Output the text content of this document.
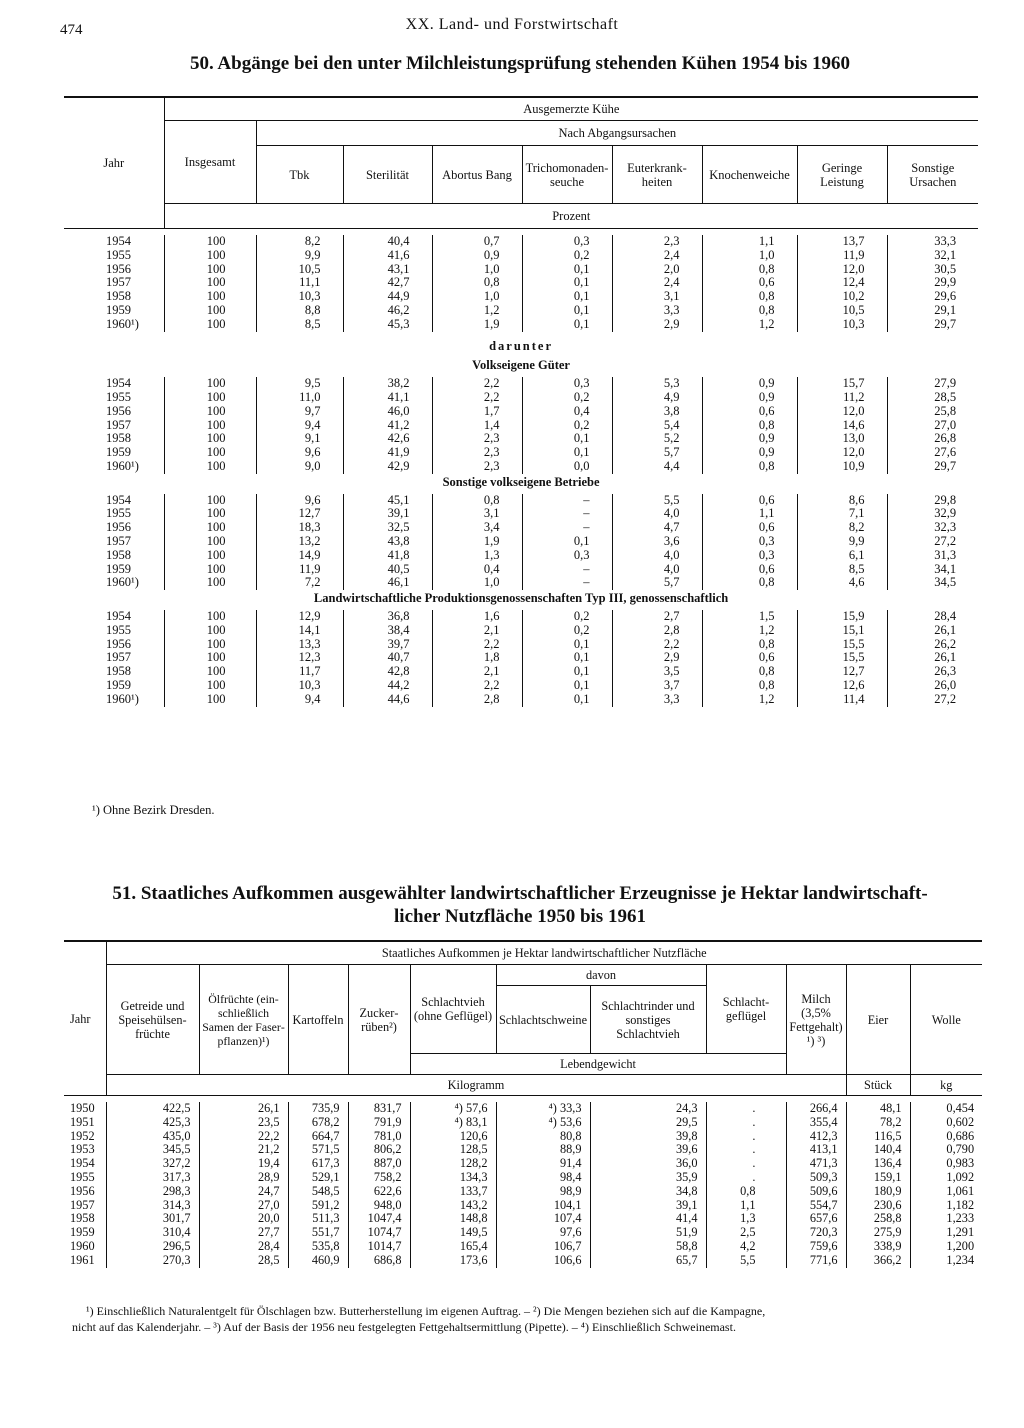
474	XX. Land- und Forstwirtschaft
50. Abgänge bei den unter Milchleistungsprüfung stehenden Kühen 1954 bis 1960
Jahr	Ausgemerzte Kühe								
	Insgesamt	Nach Abgangsursachen							
		Tbk	Sterilität	Abortus Bang	Trichomonadenseuche	Euterkrankheiten	Knochenweiche	Geringe Leistung	Sonstige Ursachen
	Prozent								

1954	100	8,2	40,4	0,7	0,3	2,3	1,1	13,7	33,3
1955	100	9,9	41,6	0,9	0,2	2,4	1,0	11,9	32,1
1956	100	10,5	43,1	1,0	0,1	2,0	0,8	12,0	30,5
1957	100	11,1	42,7	0,8	0,1	2,4	0,6	12,4	29,9
1958	100	10,3	44,9	1,0	0,1	3,1	0,8	10,2	29,6
1959	100	8,8	46,2	1,2	0,1	3,3	0,8	10,5	29,1
1960¹)	100	8,5	45,3	1,9	0,1	2,9	1,2	10,3	29,7
darunter									
Volkseigene Güter									
1954	100	9,5	38,2	2,2	0,3	5,3	0,9	15,7	27,9
1955	100	11,0	41,1	2,2	0,2	4,9	0,9	11,2	28,5
1956	100	9,7	46,0	1,7	0,4	3,8	0,6	12,0	25,8
1957	100	9,4	41,2	1,4	0,2	5,4	0,8	14,6	27,0
1958	100	9,1	42,6	2,3	0,1	5,2	0,9	13,0	26,8
1959	100	9,6	41,9	2,3	0,1	5,7	0,9	12,0	27,6
1960¹)	100	9,0	42,9	2,3	0,0	4,4	0,8	10,9	29,7
Sonstige volkseigene Betriebe									
1954	100	9,6	45,1	0,8	–	5,5	0,6	8,6	29,8
1955	100	12,7	39,1	3,1	–	4,0	1,1	7,1	32,9
1956	100	18,3	32,5	3,4	–	4,7	0,6	8,2	32,3
1957	100	13,2	43,8	1,9	0,1	3,6	0,3	9,9	27,2
1958	100	14,9	41,8	1,3	0,3	4,0	0,3	6,1	31,3
1959	100	11,9	40,5	0,4	–	4,0	0,6	8,5	34,1
1960¹)	100	7,2	46,1	1,0	–	5,7	0,8	4,6	34,5
Landwirtschaftliche Produktionsgenossenschaften Typ III, genossenschaftlich									
1954	100	12,9	36,8	1,6	0,2	2,7	1,5	15,9	28,4
1955	100	14,1	38,4	2,1	0,2	2,8	1,2	15,1	26,1
1956	100	13,3	39,7	2,2	0,1	2,2	0,8	15,5	26,2
1957	100	12,3	40,7	1,8	0,1	2,9	0,6	15,5	26,1
1958	100	11,7	42,8	2,1	0,1	3,5	0,8	12,7	26,3
1959	100	10,3	44,2	2,2	0,1	3,7	0,8	12,6	26,0
1960¹)	100	9,4	44,6	2,8	0,1	3,3	1,2	11,4	27,2
¹) Ohne Bezirk Dresden.
51. Staatliches Aufkommen ausgewählter landwirtschaftlicher Erzeugnisse je Hektar landwirtschaft-
licher Nutzfläche 1950 bis 1961
Jahr	Staatliches Aufkommen je Hektar landwirtschaftlicher Nutzfläche										
	Getreide und Speisehülsenfrüchte	Ölfrüchte (einschließlich Samen der Faserpflanzen)¹)	Kartoffeln	Zuckerrüben²)	Schlachtvieh (ohne Geflügel)	davon		Schlachtgeflügel	Milch (3,5% Fettgehalt) ¹) ³)	Eier	Wolle
						Schlachtschweine	Schlachtrinder und sonstiges Schlachtvieh				
					Lebendgewicht						
	Kilogramm									Stück	kg

1950	422,5	26,1	735,9	831,7	⁴) 57,6	⁴) 33,3	24,3	.	266,4	48,1	0,454
1951	425,3	23,5	678,2	791,9	⁴) 83,1	⁴) 53,6	29,5	.	355,4	78,2	0,602
1952	435,0	22,2	664,7	781,0	120,6	80,8	39,8	.	412,3	116,5	0,686
1953	345,5	21,2	571,5	806,2	128,5	88,9	39,6	.	413,1	140,4	0,790
1954	327,2	19,4	617,3	887,0	128,2	91,4	36,0	.	471,3	136,4	0,983
1955	317,3	28,9	529,1	758,2	134,3	98,4	35,9	.	509,3	159,1	1,092
1956	298,3	24,7	548,5	622,6	133,7	98,9	34,8	0,8	509,6	180,9	1,061
1957	314,3	27,0	591,2	948,0	143,2	104,1	39,1	1,1	554,7	230,6	1,182
1958	301,7	20,0	511,3	1047,4	148,8	107,4	41,4	1,3	657,6	258,8	1,233
1959	310,4	27,7	551,7	1074,7	149,5	97,6	51,9	2,5	720,3	275,9	1,291
1960	296,5	28,4	535,8	1014,7	165,4	106,7	58,8	4,2	759,6	338,9	1,200
1961	270,3	28,5	460,9	686,8	173,6	106,6	65,7	5,5	771,6	366,2	1,234
¹) Einschließlich Naturalentgelt für Ölschlagen bzw. Butterherstellung im eigenen Auftrag. – ²) Die Mengen beziehen sich auf die Kampagne,
nicht auf das Kalenderjahr. – ³) Auf der Basis der 1956 neu festgelegten Fettgehaltsermittlung (Pipette). – ⁴) Einschließlich Schweinemast.
